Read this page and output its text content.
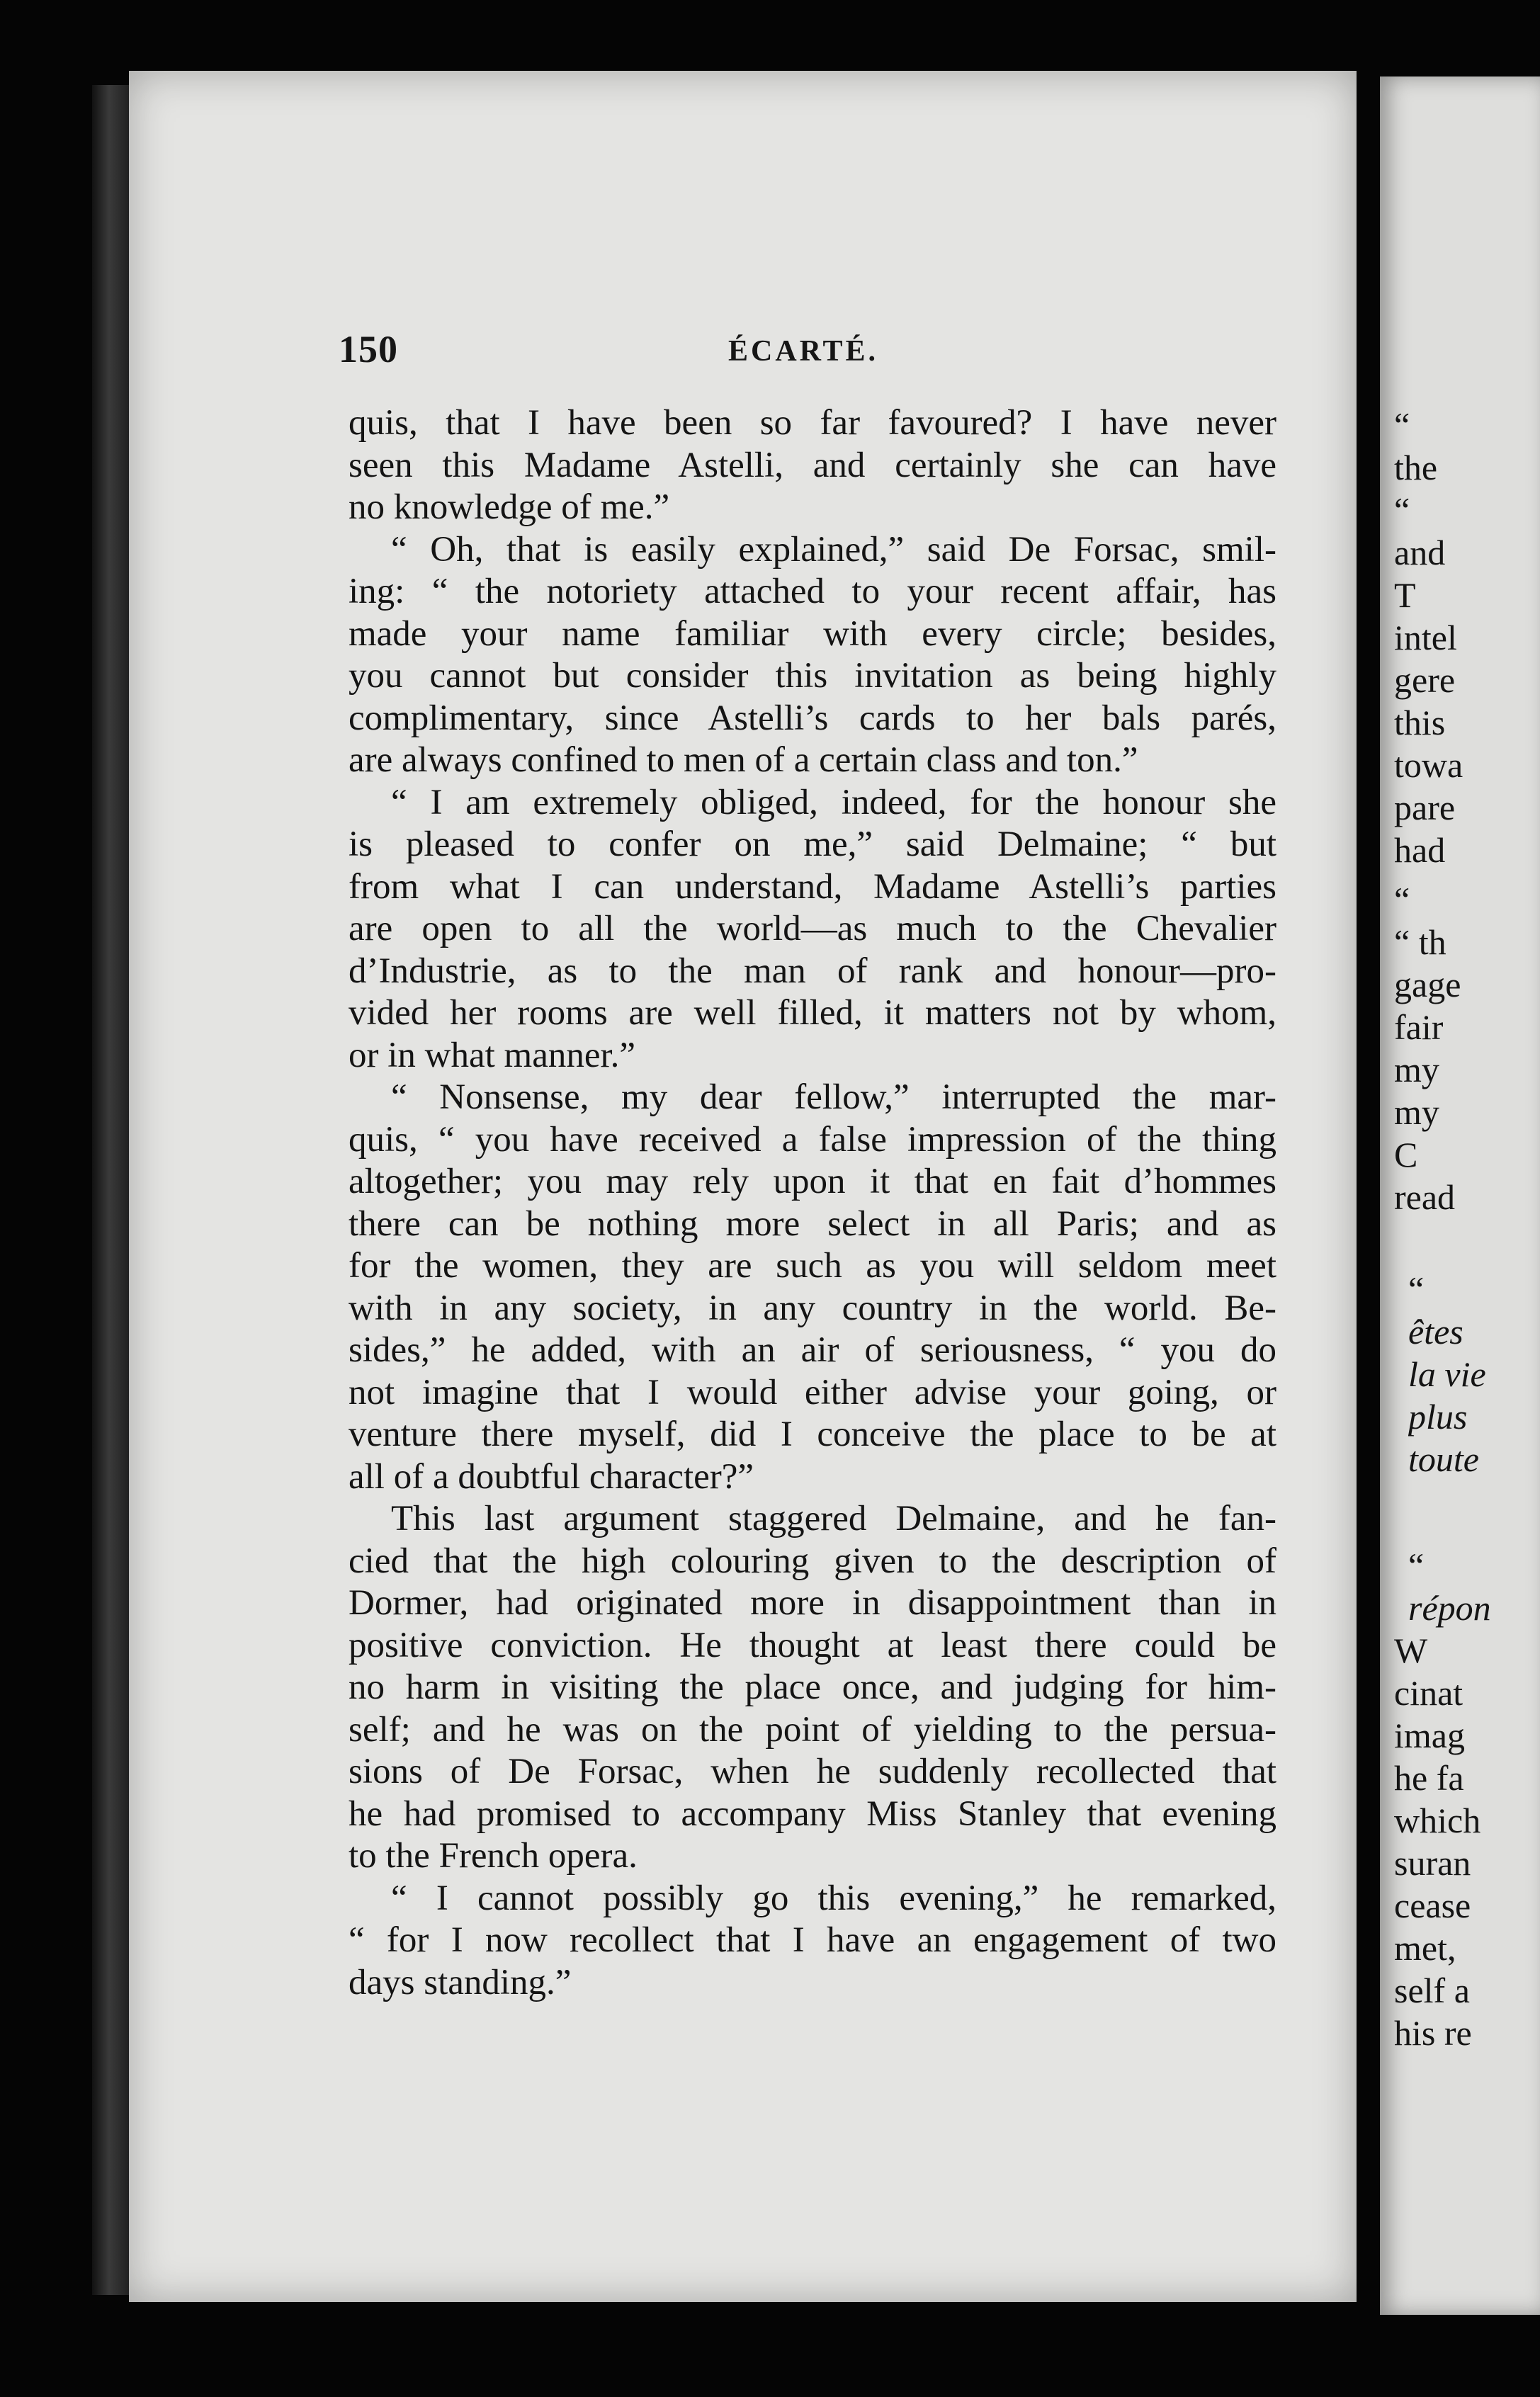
150	ÉCARTÉ.
quis, that I have been so far favoured? I have never
seen this Madame Astelli, and certainly she can have
no knowledge of me.”
“ Oh, that is easily explained,” said De Forsac, smil-
ing: “ the notoriety attached to your recent affair, has
made your name familiar with every circle; besides,
you cannot but consider this invitation as being highly
complimentary, since Astelli’s cards to her bals parés,
are always confined to men of a certain class and ton.”
“ I am extremely obliged, indeed, for the honour she
is pleased to confer on me,” said Delmaine; “ but
from what I can understand, Madame Astelli’s parties
are open to all the world—as much to the Chevalier
d’Industrie, as to the man of rank and honour—pro-
vided her rooms are well filled, it matters not by whom,
or in what manner.”
“ Nonsense, my dear fellow,” interrupted the mar-
quis, “ you have received a false impression of the thing
altogether; you may rely upon it that en fait d’hommes
there can be nothing more select in all Paris; and as
for the women, they are such as you will seldom meet
with in any society, in any country in the world. Be-
sides,” he added, with an air of seriousness, “ you do
not imagine that I would either advise your going, or
venture there myself, did I conceive the place to be at
all of a doubtful character?”
This last argument staggered Delmaine, and he fan-
cied that the high colouring given to the description of
Dormer, had originated more in disappointment than in
positive conviction. He thought at least there could be
no harm in visiting the place once, and judging for him-
self; and he was on the point of yielding to the persua-
sions of De Forsac, when he suddenly recollected that
he had promised to accompany Miss Stanley that evening
to the French opera.
“ I cannot possibly go this evening,” he remarked,
“ for I now recollect that I have an engagement of two
days standing.”
“
the
“
and
T
intel
gere
this
towa
pare
had
“
“ th
gage
fair
my
my
C
read
“
êtes
la vie
plus
toute
“
répon
W
cinat
imag
he fa
which
suran
cease
met,
self a
his re
